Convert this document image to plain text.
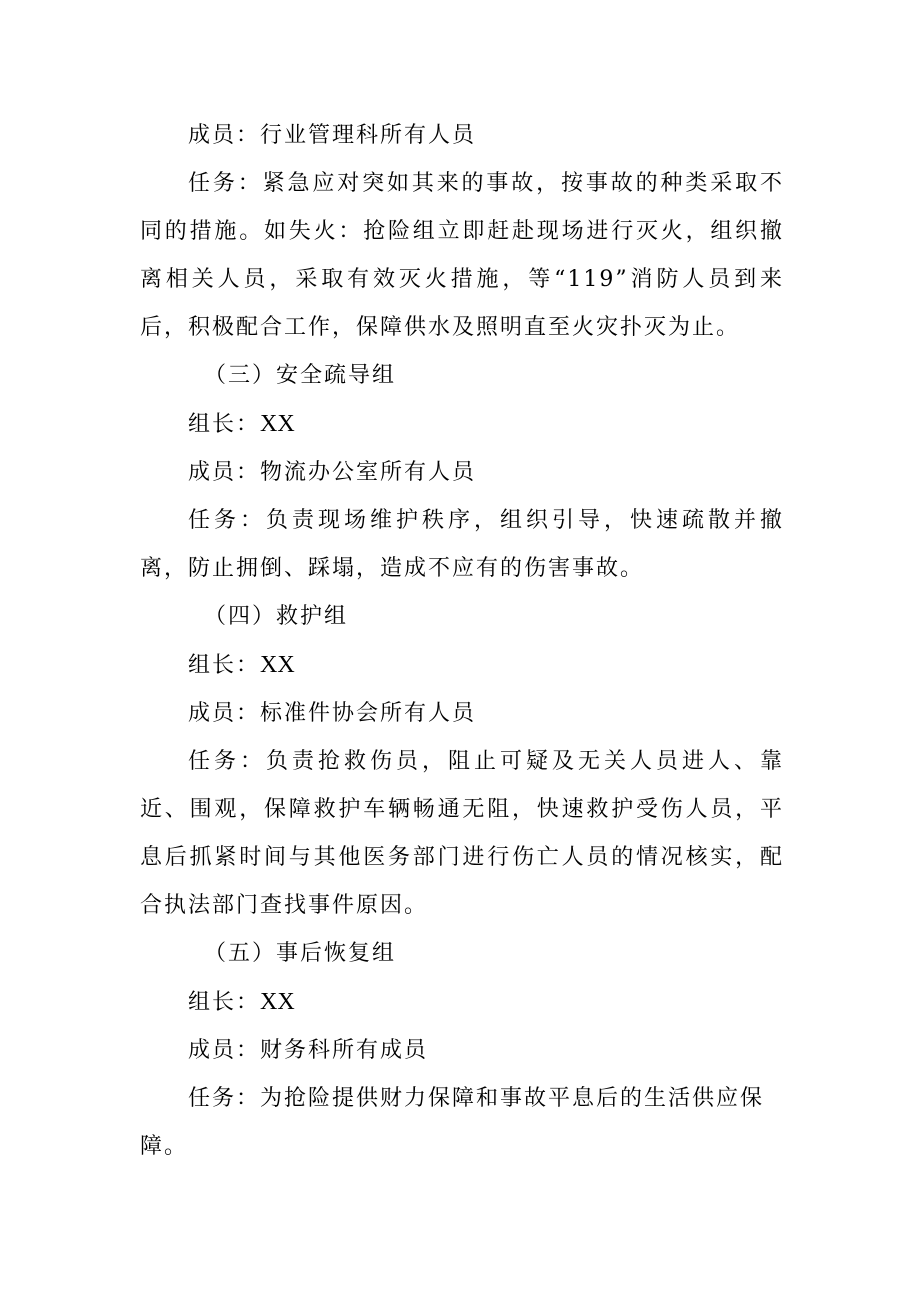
成员：行业管理科所有人员

任务：紧急应对突如其来的事故，按事故的种类采取不同的措施。如失火：抢险组立即赶赴现场进行灭火，组织撤离相关人员，采取有效灭火措施，等“119”消防人员到来后，积极配合工作，保障供水及照明直至火灾扑灭为止。

（三）安全疏导组

组长：XX

成员：物流办公室所有人员

任务：负责现场维护秩序，组织引导，快速疏散并撤离，防止拥倒、踩塌，造成不应有的伤害事故。

（四）救护组

组长：XX

成员：标准件协会所有人员

任务：负责抢救伤员，阻止可疑及无关人员进人、靠近、围观，保障救护车辆畅通无阻，快速救护受伤人员，平息后抓紧时间与其他医务部门进行伤亡人员的情况核实，配合执法部门查找事件原因。

（五）事后恢复组

组长：XX

成员：财务科所有成员

任务：为抢险提供财力保障和事故平息后的生活供应保障。
